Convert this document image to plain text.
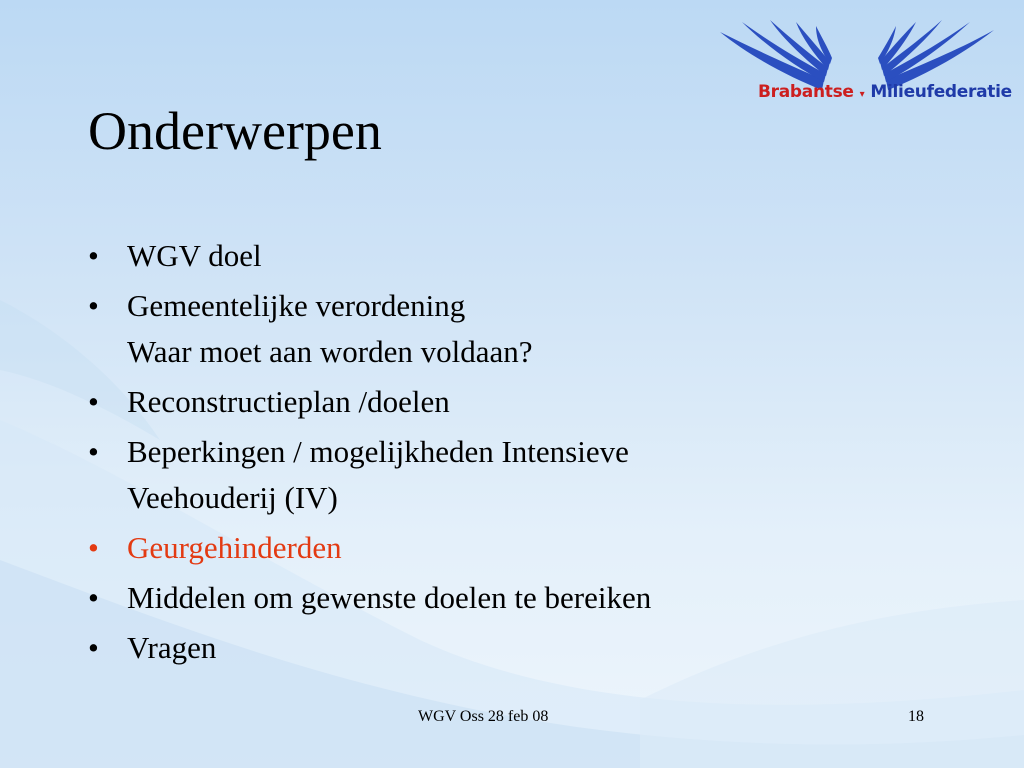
Brabantse ▾ Milieufederatie
Onderwerpen
• WGV doel
• Gemeentelijke verordening
Waar moet aan worden voldaan?
• Reconstructieplan /doelen
• Beperkingen / mogelijkheden Intensieve
Veehouderij (IV)
• Geurgehinderden
• Middelen om gewenste doelen te bereiken
• Vragen
WGV Oss 28 feb 08	18
